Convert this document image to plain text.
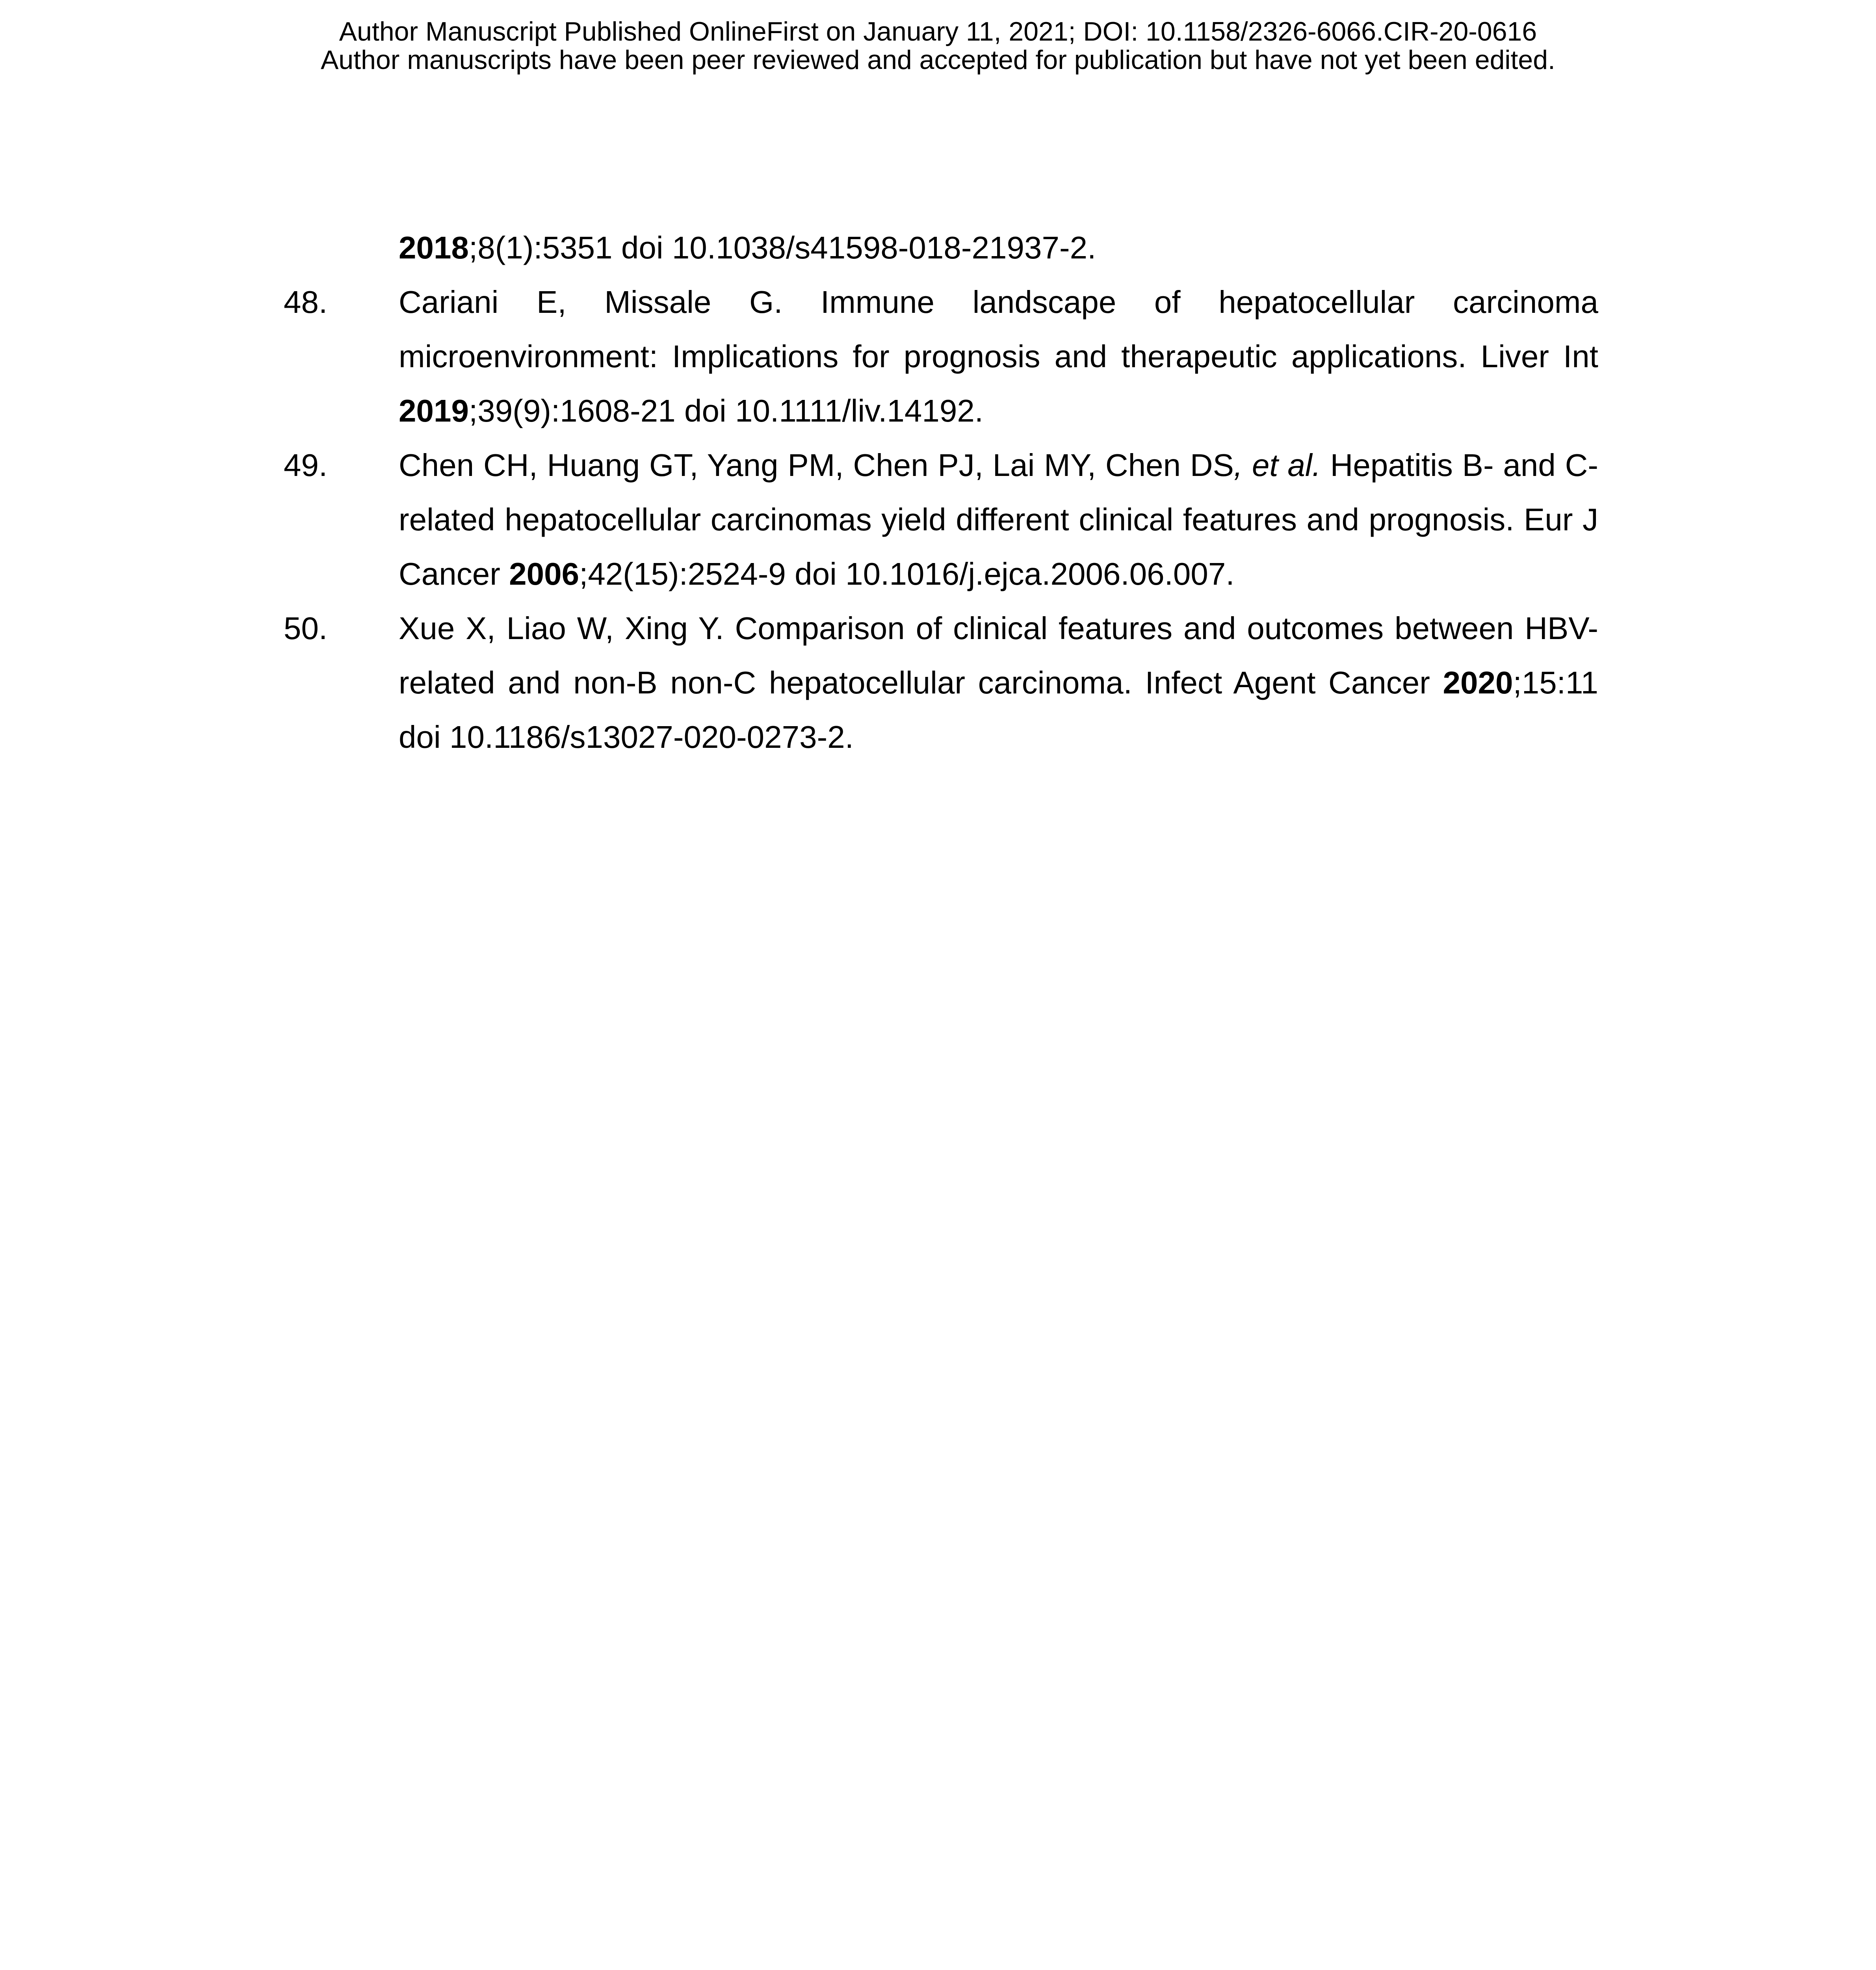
Author Manuscript Published OnlineFirst on January 11, 2021; DOI: 10.1158/2326-6066.CIR-20-0616
Author manuscripts have been peer reviewed and accepted for publication but have not yet been edited.
2018;8(1):5351 doi 10.1038/s41598-018-21937-2.
48. Cariani E, Missale G. Immune landscape of hepatocellular carcinoma microenvironment: Implications for prognosis and therapeutic applications. Liver Int 2019;39(9):1608-21 doi 10.1111/liv.14192.
49. Chen CH, Huang GT, Yang PM, Chen PJ, Lai MY, Chen DS, et al. Hepatitis B- and C-related hepatocellular carcinomas yield different clinical features and prognosis. Eur J Cancer 2006;42(15):2524-9 doi 10.1016/j.ejca.2006.06.007.
50. Xue X, Liao W, Xing Y. Comparison of clinical features and outcomes between HBV-related and non-B non-C hepatocellular carcinoma. Infect Agent Cancer 2020;15:11 doi 10.1186/s13027-020-0273-2.
